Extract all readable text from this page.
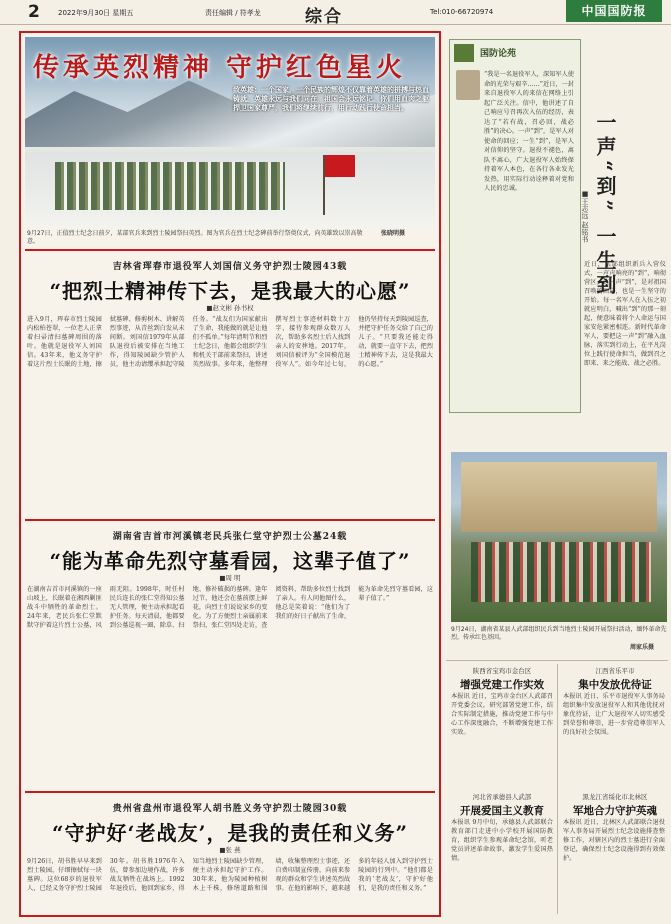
2	2022年9月30日 星期五	责任编辑 / 符孝龙	综合	Tel:010-66720974	中国国防报
传承英烈精神 守护红色星火
致英雄：一个国家，一个民族的辉煌不仅靠着英雄的拼搏与热血铸就。英雄永远与我们同在，祖国会永远铭记。你们用血肉之躯捍卫国家尊严，我们将继续前行，用行动践行使命担当。
9月27日，正值烈士纪念日前夕，某部官兵来到烈士陵园祭扫英烈。图为官兵在烈士纪念碑前举行祭奠仪式，向英雄致以崇高敬意。
张晓明摄
吉林省珲春市退役军人刘国信义务守护烈士陵园43载
“把烈士精神传下去，是我最大的心愿”
■赵文彬 孙书权
进入9月，珲春市烈士陵园内松柏苍翠，一位老人正拿着扫帚清扫墓碑周围的落叶。他就是退役军人刘国信。43年来，他义务守护着这片烈士长眠的土地，擦拭墓碑、修剪树木、讲解英烈事迹，从青丝到白发从未间断。刘国信1979年从部队退役后被安排在当地工作，得知陵园缺少管护人员，他主动请缨承担起守陵任务。“战友们为国家献出了生命，我能做的就是让他们不孤单。”每年清明节和烈士纪念日，他都会组织学生和机关干部前来祭扫，讲述英烈故事。多年来，他整理撰写烈士事迹材料数十万字，接待参观群众数万人次，帮助多名烈士后人找到亲人的安葬地。2017年，刘国信被评为“全国模范退役军人”。如今年过七旬，他仍坚持每天到陵园巡查，并把守护任务交给了自己的儿子。“只要我还能走得动，就要一直守下去，把烈士精神传下去，这是我最大的心愿。”
湖南省吉首市河溪镇老民兵张仁堂守护烈士公墓24载
“能为革命先烈守墓看园，这辈子值了”
■周 明
在湖南吉首市河溪镇的一座山坡上，长眠着在湘西剿匪战斗中牺牲的革命烈士。24年来，老民兵张仁堂默默守护着这片烈士公墓，风雨无阻。1998年，时任村民兵连长的张仁堂得知公墓无人管理，便主动承担起看护任务。每天清晨，他都要到公墓巡视一圈，除草、扫地、修补破损的墓碑。逢年过节，他还会在墓前摆上鲜花，向烈士们说说家乡的变化。为了方便烈士亲属前来祭扫，张仁堂四处走访，查阅资料，帮助多位烈士找到了亲人。有人问他图什么，他总是笑着说：“他们为了我们的好日子献出了生命，能为革命先烈守墓看园，这辈子值了。”
贵州省盘州市退役军人胡书胜义务守护烈士陵园30载
“守护好‘老战友’，是我的责任和义务”
■张 燕
9月26日，胡书胜早早来到烈士陵园，仔细擦拭每一块墓碑。这位68岁的退役军人，已经义务守护烈士陵园30年。胡书胜1976年入伍，曾参加边境作战，许多战友牺牲在战场上。1992年退役后，他回到家乡，得知当地烈士陵园缺少管理，便主动承担起守护工作。30年来，他为陵园种植树木上千株，修缮道路和围墙，收集整理烈士事迹，还自费印制宣传册，向前来参观的群众和学生讲述英烈故事。在他的影响下，越来越多的年轻人加入到守护烈士陵园的行列中。“他们都是我的‘老战友’，守护好他们，是我的责任和义务。”
国防论苑
“我是一名退役军人，深知军人使命的光荣与艰辛……”近日，一封来自退役军人的来信在网络上引起广泛关注。信中，他讲述了自己响应号召再次入伍的经历，表达了“若有战，召必回，战必胜”的决心。一声“到”，是军人对使命的回应；一生“到”，是军人对信仰的坚守。退役不褪色，离队不离心，广大退役军人始终保持着军人本色，在各行各业发光发热，用实际行动诠释着对党和人民的忠诚。	一声“到” 一生到
■王志远 赵铭书
近日，某部组织新兵入营仪式，一声声响亮的“到”，响彻营区。这一声“到”，是对祖国召唤的回应，也是一生坚守的开始。每一名军人在入伍之初就应明白，喊出“到”的那一刻起，便意味着将个人命运与国家安危紧密相连。新时代革命军人，要把这一声“到”融入血脉，落实到行动上，在平凡岗位上践行使命担当，做到召之即来、来之能战、战之必胜。
9月24日，湖南省某县人武部组织民兵到当地烈士陵园开展祭扫活动，缅怀革命先烈，传承红色基因。
周家乐摄
陕西省宝鸡市金台区
增强党建工作实效
本报讯 近日，宝鸡市金台区人武部召开党委会议，研究部署党建工作，结合实际制定措施，推动党建工作与中心工作深度融合，不断增强党建工作实效。
江西省乐平市
集中发放优待证
本报讯 近日，乐平市退役军人事务局组织集中发放退役军人和其他优抚对象优待证，让广大退役军人切实感受到荣誉和尊崇，进一步营造尊崇军人的良好社会氛围。
河北省承德县人武部
开展爱国主义教育
本报讯 9月中旬，承德县人武部联合教育部门走进中小学校开展国防教育，组织学生参观革命纪念馆，听老党员讲述革命故事，激发学生爱国热情。
黑龙江省绥化市北林区
军地合力守护英魂
本报讯 近日，北林区人武部联合退役军人事务局开展烈士纪念设施排查整修工作，对辖区内的烈士墓进行全面登记，确保烈士纪念设施得到有效保护。
